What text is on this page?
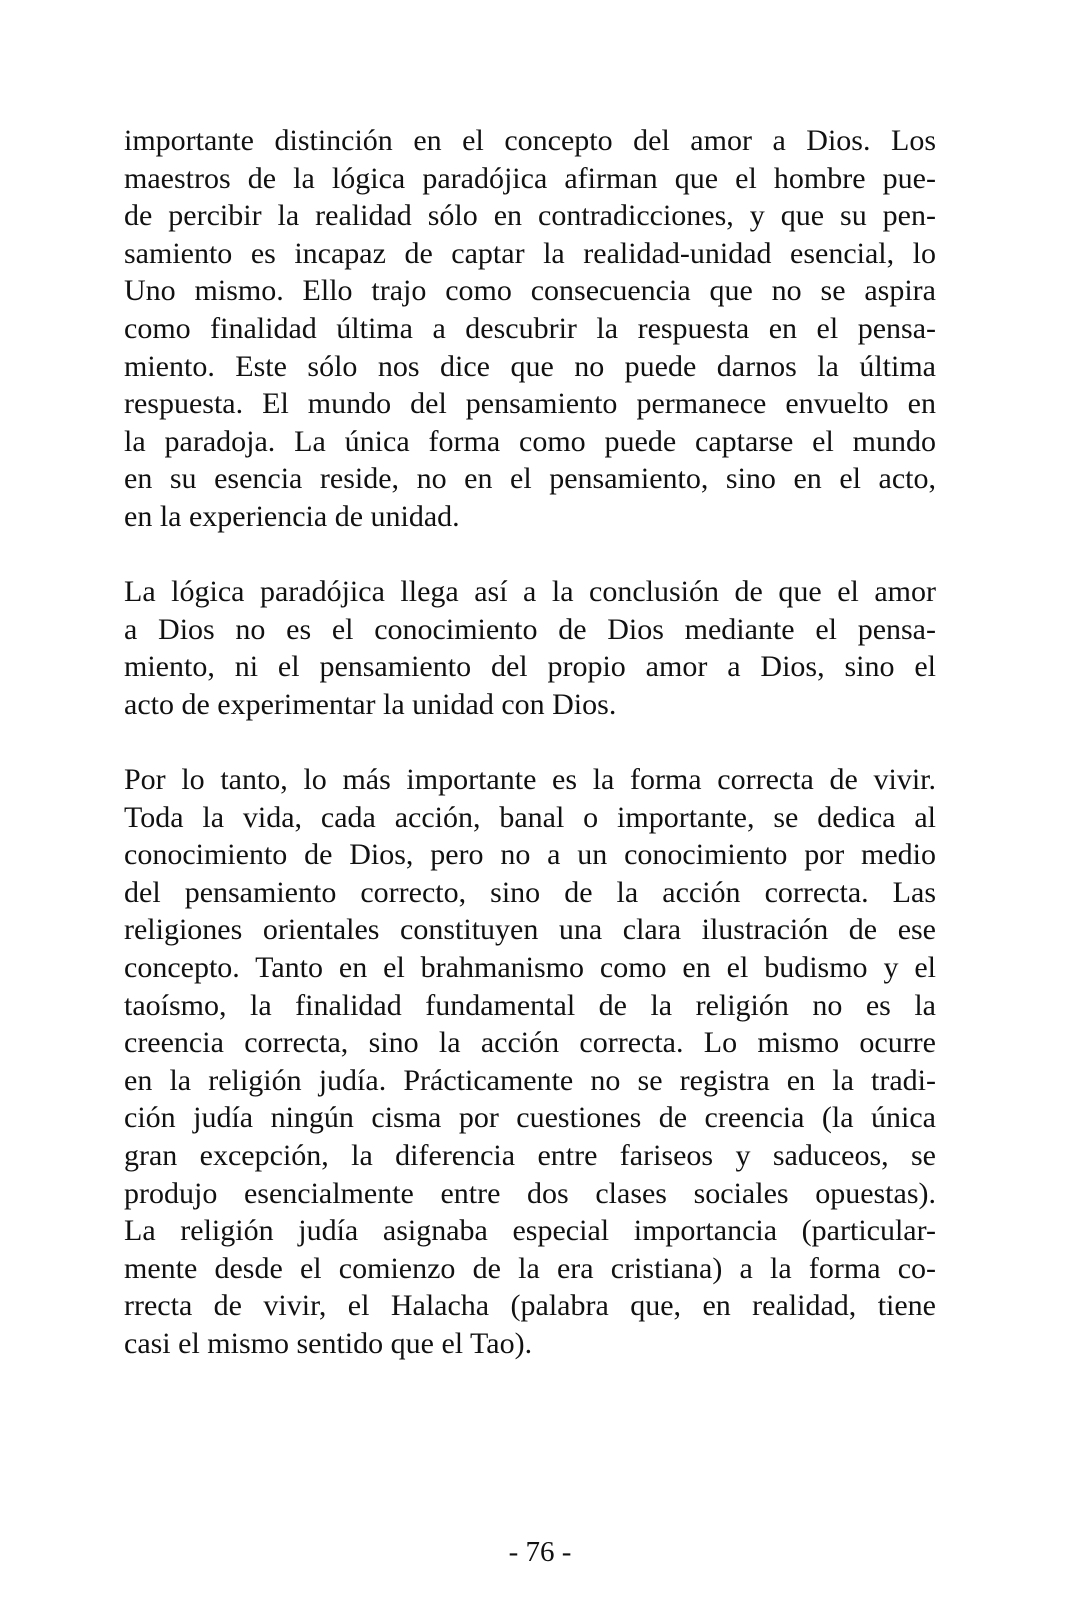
importante distinción en el concepto del amor a Dios. Los
maestros de la lógica paradójica afirman que el hombre pue-
de percibir la realidad sólo en contradicciones, y que su pen-
samiento es incapaz de captar la realidad-unidad esencial, lo
Uno mismo. Ello trajo como consecuencia que no se aspira
como finalidad última a descubrir la respuesta en el pensa-
miento. Este sólo nos dice que no puede darnos la última
respuesta. El mundo del pensamiento permanece envuelto en
la paradoja. La única forma como puede captarse el mundo
en su esencia reside, no en el pensamiento, sino en el acto,
en la experiencia de unidad.
La lógica paradójica llega así a la conclusión de que el amor
a Dios no es el conocimiento de Dios mediante el pensa-
miento, ni el pensamiento del propio amor a Dios, sino el
acto de experimentar la unidad con Dios.
Por lo tanto, lo más importante es la forma correcta de vivir.
Toda la vida, cada acción, banal o importante, se dedica al
conocimiento de Dios, pero no a un conocimiento por medio
del pensamiento correcto, sino de la acción correcta. Las
religiones orientales constituyen una clara ilustración de ese
concepto. Tanto en el brahmanismo como en el budismo y el
taoísmo, la finalidad fundamental de la religión no es la
creencia correcta, sino la acción correcta. Lo mismo ocurre
en la religión judía. Prácticamente no se registra en la tradi-
ción judía ningún cisma por cuestiones de creencia (la única
gran excepción, la diferencia entre fariseos y saduceos, se
produjo esencialmente entre dos clases sociales opuestas).
La religión judía asignaba especial importancia (particular-
mente desde el comienzo de la era cristiana) a la forma co-
rrecta de vivir, el Halacha (palabra que, en realidad, tiene
casi el mismo sentido que el Tao).
- 76 -
